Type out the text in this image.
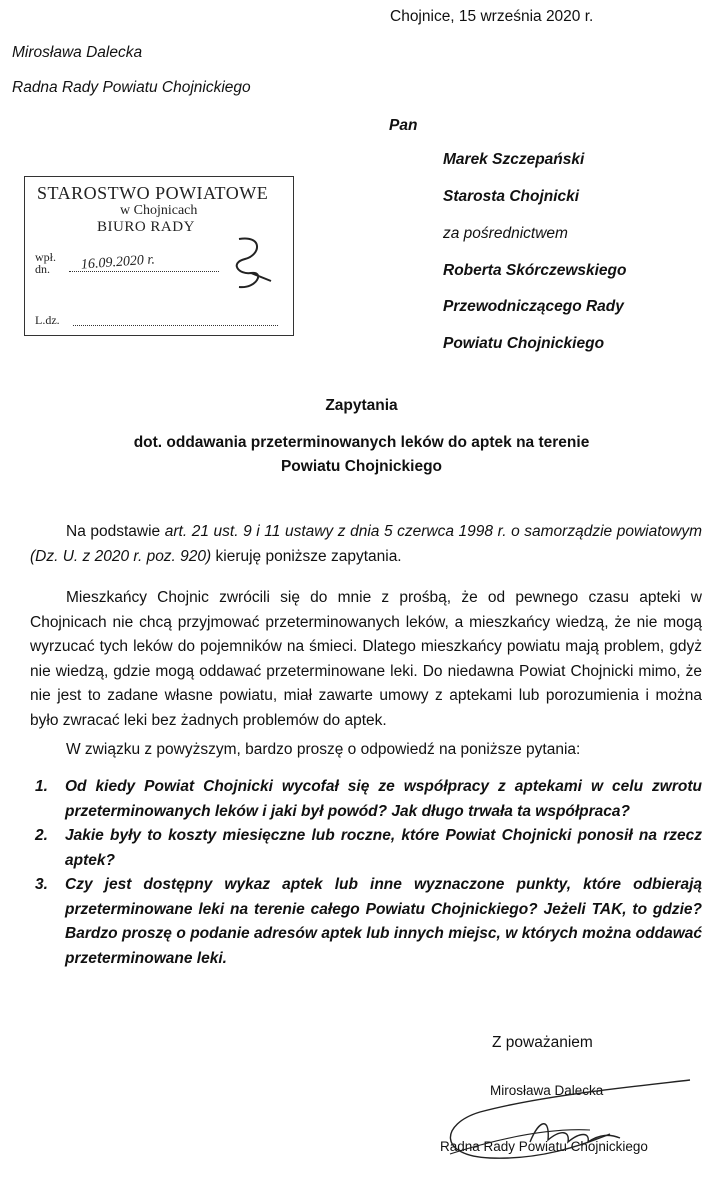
Chojnice, 15 września 2020 r.
Mirosława Dalecka
Radna Rady Powiatu Chojnickiego
Pan
Marek Szczepański
Starosta Chojnicki
za pośrednictwem
Roberta Skórczewskiego
Przewodniczącego Rady
Powiatu Chojnickiego
STAROSTWO POWIATOWE
w Chojnicach
BIURO RADY
wpł.
dn.	16.09.2020 r.
L.dz.
Zapytania
dot. oddawania przeterminowanych leków do aptek na terenie
Powiatu Chojnickiego
Na podstawie art. 21 ust. 9 i 11 ustawy z dnia 5 czerwca 1998 r. o samorządzie powiatowym (Dz. U. z 2020 r. poz. 920) kieruję poniższe zapytania.
Mieszkańcy Chojnic zwrócili się do mnie z prośbą, że od pewnego czasu apteki w Chojnicach nie chcą przyjmować przeterminowanych leków, a mieszkańcy wiedzą, że nie mogą wyrzucać tych leków do pojemników na śmieci. Dlatego mieszkańcy powiatu mają problem, gdyż nie wiedzą, gdzie mogą oddawać przeterminowane leki. Do niedawna Powiat Chojnicki mimo, że nie jest to zadane własne powiatu, miał zawarte umowy z aptekami lub porozumienia i można było zwracać leki bez żadnych problemów do aptek.
W związku z powyższym, bardzo proszę o odpowiedź na poniższe pytania:
1.	Od kiedy Powiat Chojnicki wycofał się ze współpracy z aptekami w celu zwrotu przeterminowanych leków i jaki był powód? Jak długo trwała ta współpraca?
2.	Jakie były to koszty miesięczne lub roczne, które Powiat Chojnicki ponosił na rzecz aptek?
3.	Czy jest dostępny wykaz aptek lub inne wyznaczone punkty, które odbierają przeterminowane leki na terenie całego Powiatu Chojnickiego? Jeżeli TAK, to gdzie? Bardzo proszę o podanie adresów aptek lub innych miejsc, w których można oddawać przeterminowane leki.
Z poważaniem
Mirosława Dalecka
Radna Rady Powiatu Chojnickiego
